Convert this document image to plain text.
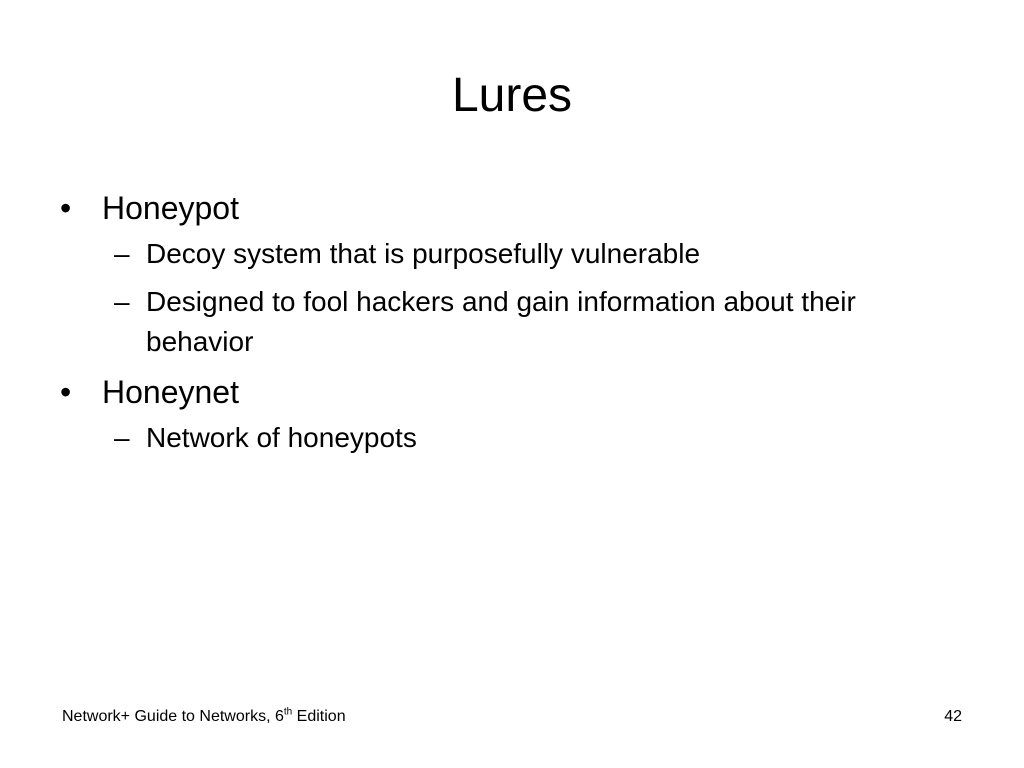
Lures
• Honeypot
– Decoy system that is purposefully vulnerable
– Designed to fool hackers and gain information about their behavior
• Honeynet
– Network of honeypots
Network+ Guide to Networks, 6th Edition	42
